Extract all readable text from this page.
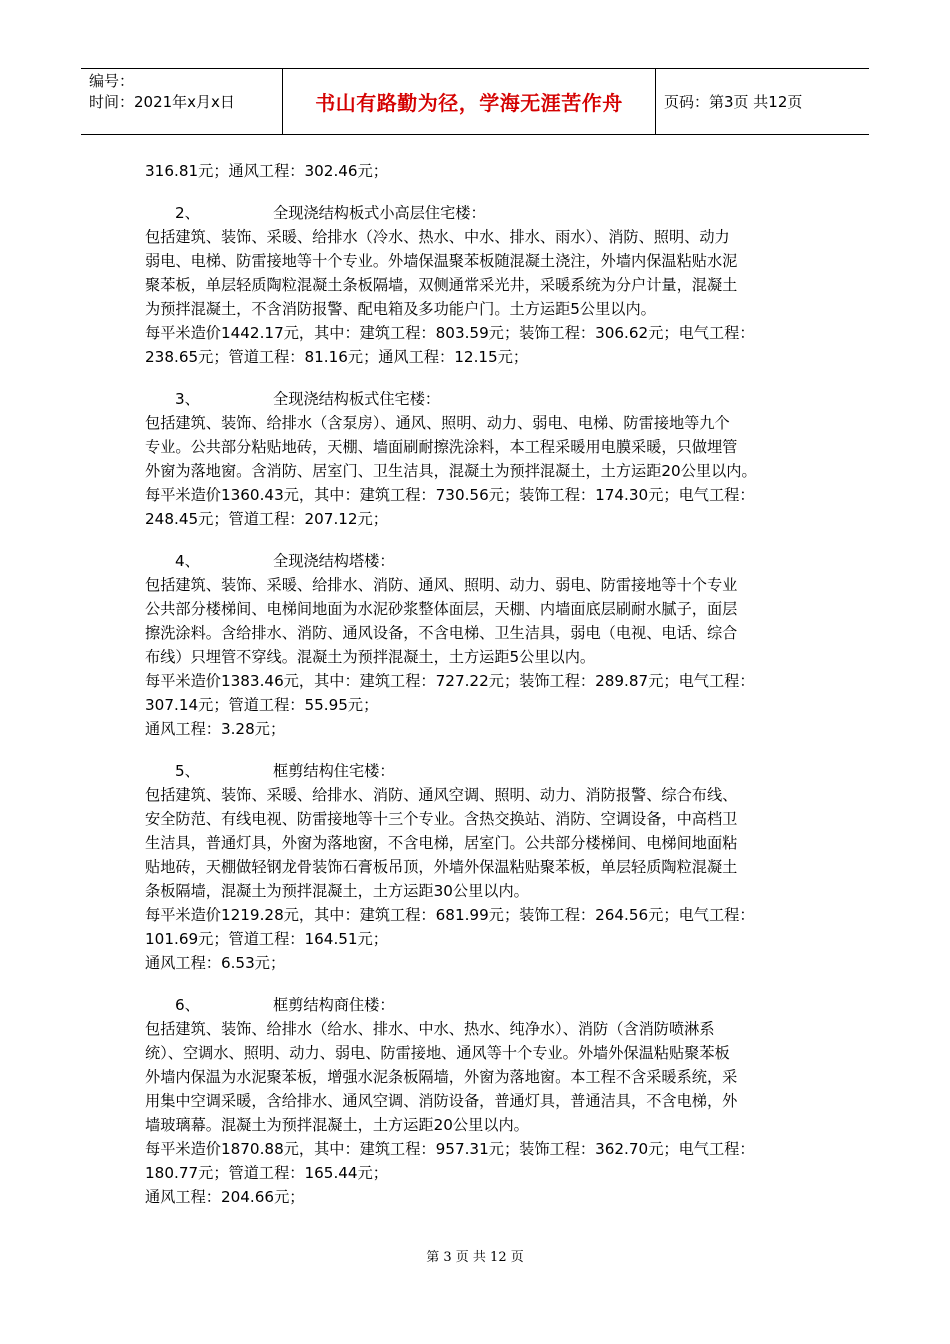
编号：
时间：2021年x月x日	书山有路勤为径，学海无涯苦作舟	页码：第3页 共12页

316.81元；通风工程：302.46元；

2、	全现浇结构板式小高层住宅楼：

包括建筑、装饰、采暖、给排水（冷水、热水、中水、排水、雨水）、消防、照明、动力

弱电、电梯、防雷接地等十个专业。外墙保温聚苯板随混凝土浇注，外墙内保温粘贴水泥

聚苯板，单层轻质陶粒混凝土条板隔墙，双侧通常采光井，采暖系统为分户计量，混凝土

为预拌混凝土，不含消防报警、配电箱及多功能户门。土方运距5公里以内。

每平米造价1442.17元，其中：建筑工程：803.59元；装饰工程：306.62元；电气工程：

238.65元；管道工程：81.16元；通风工程：12.15元；

3、	全现浇结构板式住宅楼：

包括建筑、装饰、给排水（含泵房）、通风、照明、动力、弱电、电梯、防雷接地等九个

专业。公共部分粘贴地砖，天棚、墙面刷耐擦洗涂料，本工程采暖用电膜采暖，只做埋管

外窗为落地窗。含消防、居室门、卫生洁具，混凝土为预拌混凝土，土方运距20公里以内。

每平米造价1360.43元，其中：建筑工程：730.56元；装饰工程：174.30元；电气工程：

248.45元；管道工程：207.12元；

4、	全现浇结构塔楼：

包括建筑、装饰、采暖、给排水、消防、通风、照明、动力、弱电、防雷接地等十个专业

公共部分楼梯间、电梯间地面为水泥砂浆整体面层，天棚、内墙面底层刷耐水腻子，面层

擦洗涂料。含给排水、消防、通风设备，不含电梯、卫生洁具，弱电（电视、电话、综合

布线）只埋管不穿线。混凝土为预拌混凝土，土方运距5公里以内。

每平米造价1383.46元，其中：建筑工程：727.22元；装饰工程：289.87元；电气工程：

307.14元；管道工程：55.95元；

通风工程：3.28元；

5、	框剪结构住宅楼：

包括建筑、装饰、采暖、给排水、消防、通风空调、照明、动力、消防报警、综合布线、

安全防范、有线电视、防雷接地等十三个专业。含热交换站、消防、空调设备，中高档卫

生洁具，普通灯具，外窗为落地窗，不含电梯，居室门。公共部分楼梯间、电梯间地面粘

贴地砖，天棚做轻钢龙骨装饰石膏板吊顶，外墙外保温粘贴聚苯板，单层轻质陶粒混凝土

条板隔墙，混凝土为预拌混凝土，土方运距30公里以内。

每平米造价1219.28元，其中：建筑工程：681.99元；装饰工程：264.56元；电气工程：

101.69元；管道工程：164.51元；

通风工程：6.53元；

6、	框剪结构商住楼：

包括建筑、装饰、给排水（给水、排水、中水、热水、纯净水）、消防（含消防喷淋系

统）、空调水、照明、动力、弱电、防雷接地、通风等十个专业。外墙外保温粘贴聚苯板

外墙内保温为水泥聚苯板，增强水泥条板隔墙，外窗为落地窗。本工程不含采暖系统，采

用集中空调采暖，含给排水、通风空调、消防设备，普通灯具，普通洁具，不含电梯，外

墙玻璃幕。混凝土为预拌混凝土，土方运距20公里以内。

每平米造价1870.88元，其中：建筑工程：957.31元；装饰工程：362.70元；电气工程：

180.77元；管道工程：165.44元；

通风工程：204.66元；

第 3 页 共 12 页
